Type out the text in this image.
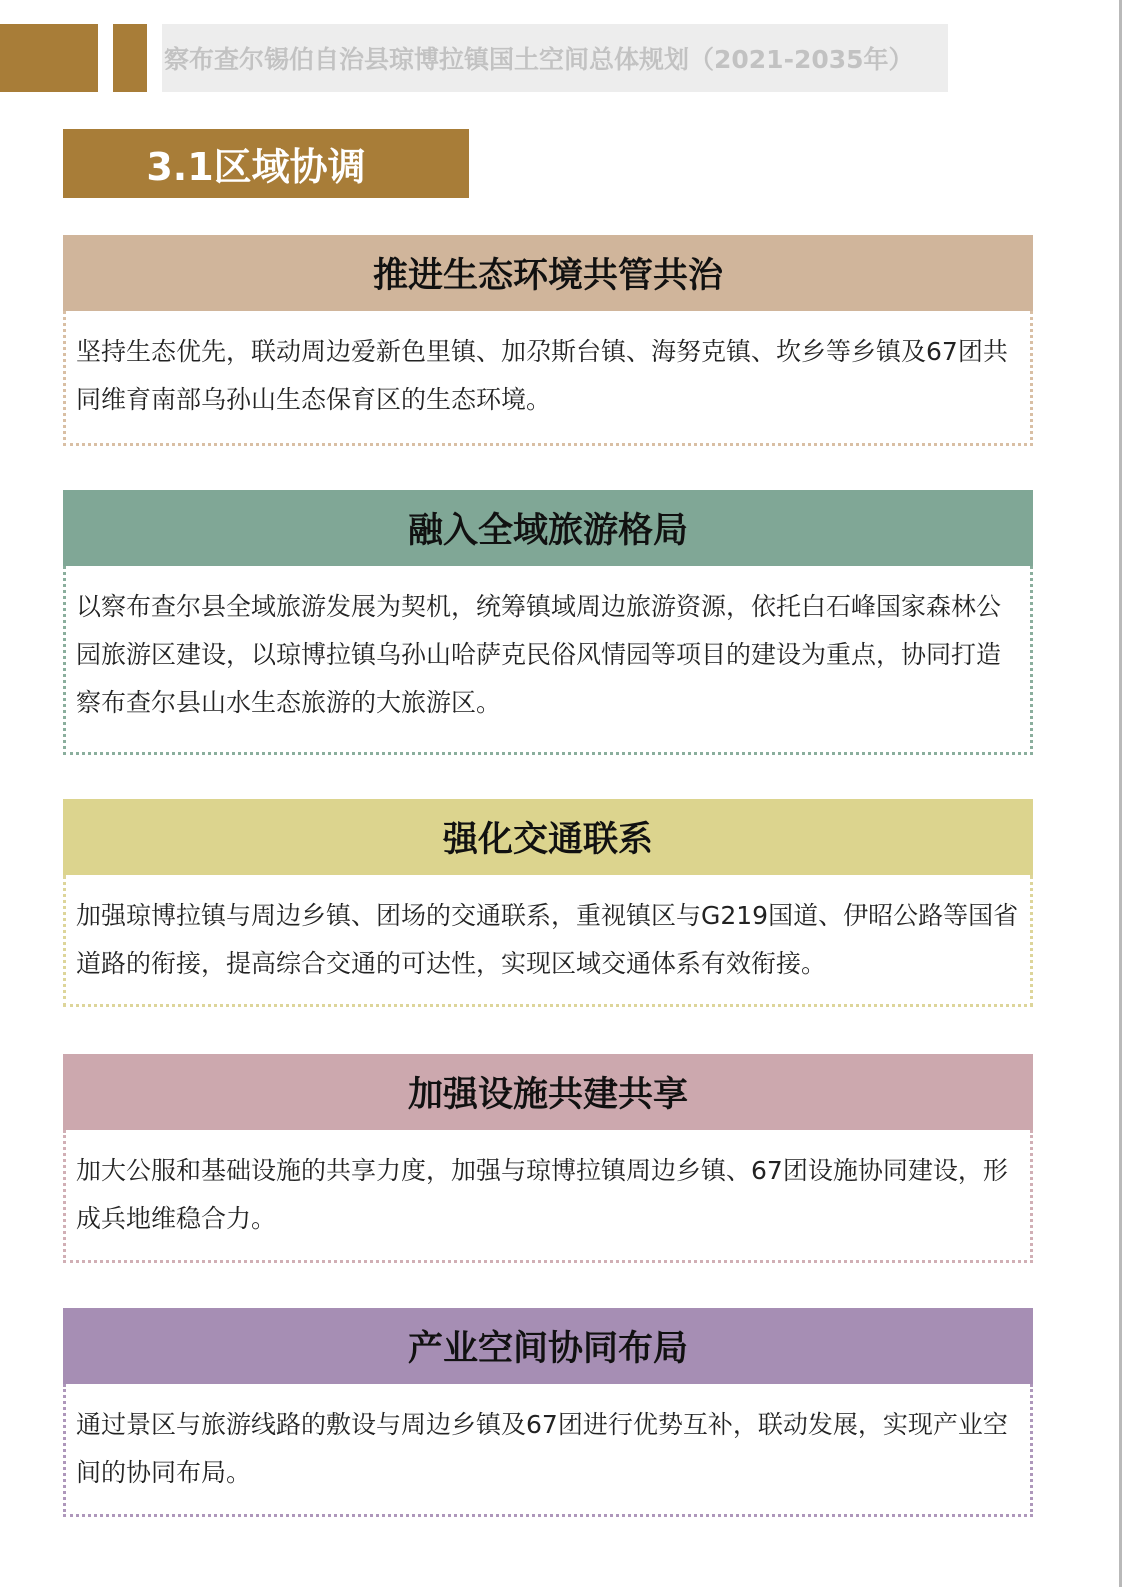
察布查尔锡伯自治县琼博拉镇国土空间总体规划（2021-2035年）
3.1区域协调
推进生态环境共管共治

坚持生态优先，联动周边爱新色里镇、加尕斯台镇、海努克镇、坎乡等乡镇及67团共同维育南部乌孙山生态保育区的生态环境。

融入全域旅游格局

以察布查尔县全域旅游发展为契机，统筹镇域周边旅游资源，依托白石峰国家森林公园旅游区建设，以琼博拉镇乌孙山哈萨克民俗风情园等项目的建设为重点，协同打造察布查尔县山水生态旅游的大旅游区。

强化交通联系

加强琼博拉镇与周边乡镇、团场的交通联系，重视镇区与G219国道、伊昭公路等国省道路的衔接，提高综合交通的可达性，实现区域交通体系有效衔接。

加强设施共建共享

加大公服和基础设施的共享力度，加强与琼博拉镇周边乡镇、67团设施协同建设，形成兵地维稳合力。

产业空间协同布局

通过景区与旅游线路的敷设与周边乡镇及67团进行优势互补，联动发展，实现产业空间的协同布局。
